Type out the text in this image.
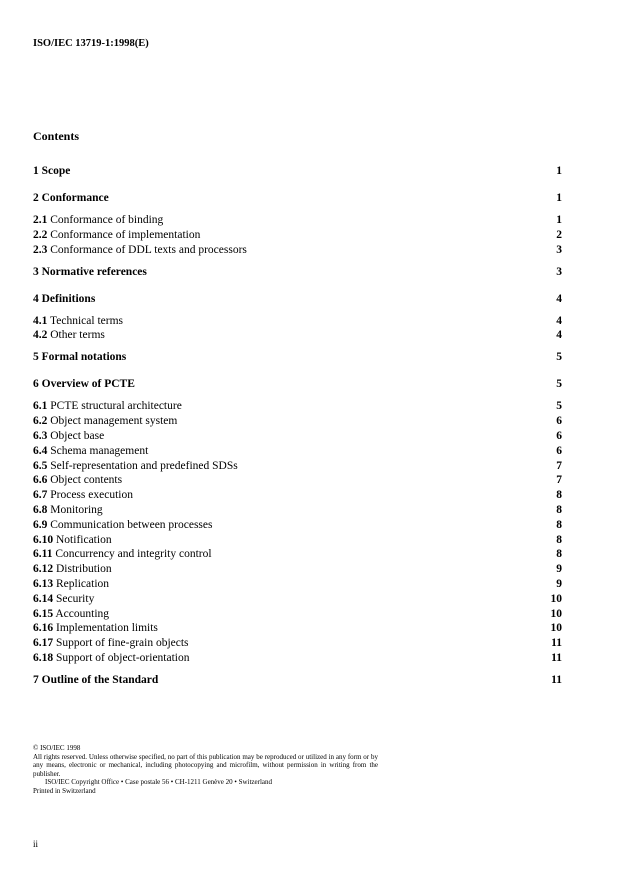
ISO/IEC 13719-1:1998(E)
Contents
1 Scope	1
2 Conformance	1
2.1 Conformance of binding	1
2.2 Conformance of implementation	2
2.3 Conformance of DDL texts and processors	3
3 Normative references	3
4 Definitions	4
4.1 Technical terms	4
4.2 Other terms	4
5 Formal notations	5
6 Overview of PCTE	5
6.1 PCTE structural architecture	5
6.2 Object management system	6
6.3 Object base	6
6.4 Schema management	6
6.5 Self-representation and predefined SDSs	7
6.6 Object contents	7
6.7 Process execution	8
6.8 Monitoring	8
6.9 Communication between processes	8
6.10 Notification	8
6.11 Concurrency and integrity control	8
6.12 Distribution	9
6.13 Replication	9
6.14 Security	10
6.15 Accounting	10
6.16 Implementation limits	10
6.17 Support of fine-grain objects	11
6.18 Support of object-orientation	11
7 Outline of the Standard	11
© ISO/IEC 1998
All rights reserved. Unless otherwise specified, no part of this publication may be reproduced or utilized in any form or by any means, electronic or mechanical, including photocopying and microfilm, without permission in writing from the publisher.
ISO/IEC Copyright Office • Case postale 56 • CH-1211 Genève 20 • Switzerland
Printed in Switzerland
ii
